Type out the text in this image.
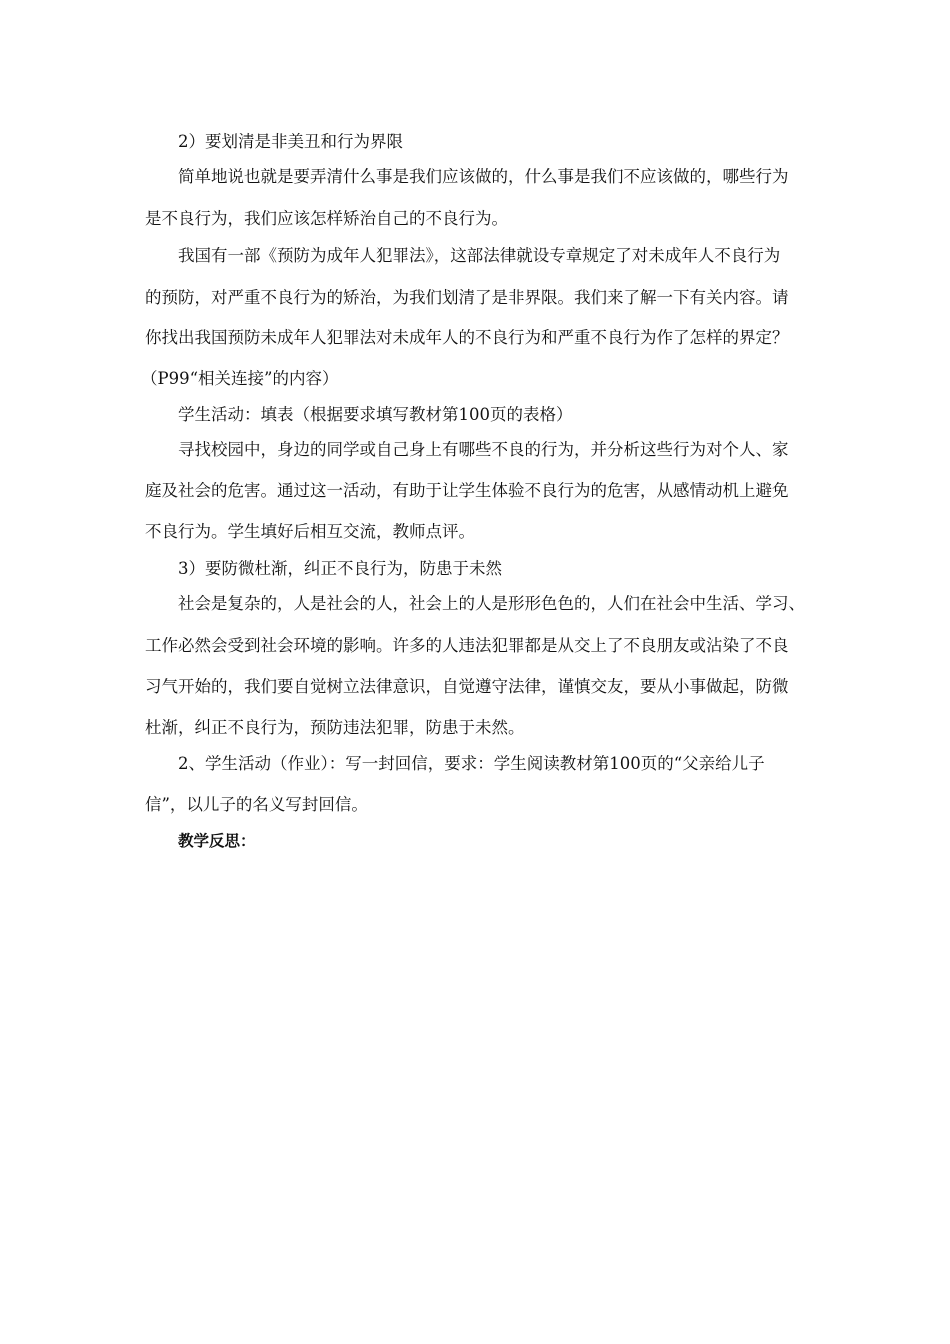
2）要划清是非美丑和行为界限
简单地说也就是要弄清什么事是我们应该做的，什么事是我们不应该做的，哪些行为
是不良行为，我们应该怎样矫治自己的不良行为。
我国有一部《预防为成年人犯罪法》，这部法律就设专章规定了对未成年人不良行为
的预防，对严重不良行为的矫治，为我们划清了是非界限。我们来了解一下有关内容。请
你找出我国预防未成年人犯罪法对未成年人的不良行为和严重不良行为作了怎样的界定？
（P99“相关连接”的内容）
学生活动：填表（根据要求填写教材第100页的表格）
寻找校园中，身边的同学或自己身上有哪些不良的行为，并分析这些行为对个人、家
庭及社会的危害。通过这一活动，有助于让学生体验不良行为的危害，从感情动机上避免
不良行为。学生填好后相互交流，教师点评。
3）要防微杜渐，纠正不良行为，防患于未然
社会是复杂的，人是社会的人，社会上的人是形形色色的，人们在社会中生活、学习、
工作必然会受到社会环境的影响。许多的人违法犯罪都是从交上了不良朋友或沾染了不良
习气开始的，我们要自觉树立法律意识，自觉遵守法律，谨慎交友，要从小事做起，防微
杜渐，纠正不良行为，预防违法犯罪，防患于未然。
2、学生活动（作业）：写一封回信，要求：学生阅读教材第100页的“父亲给儿子
信”，以儿子的名义写封回信。
教学反思：
